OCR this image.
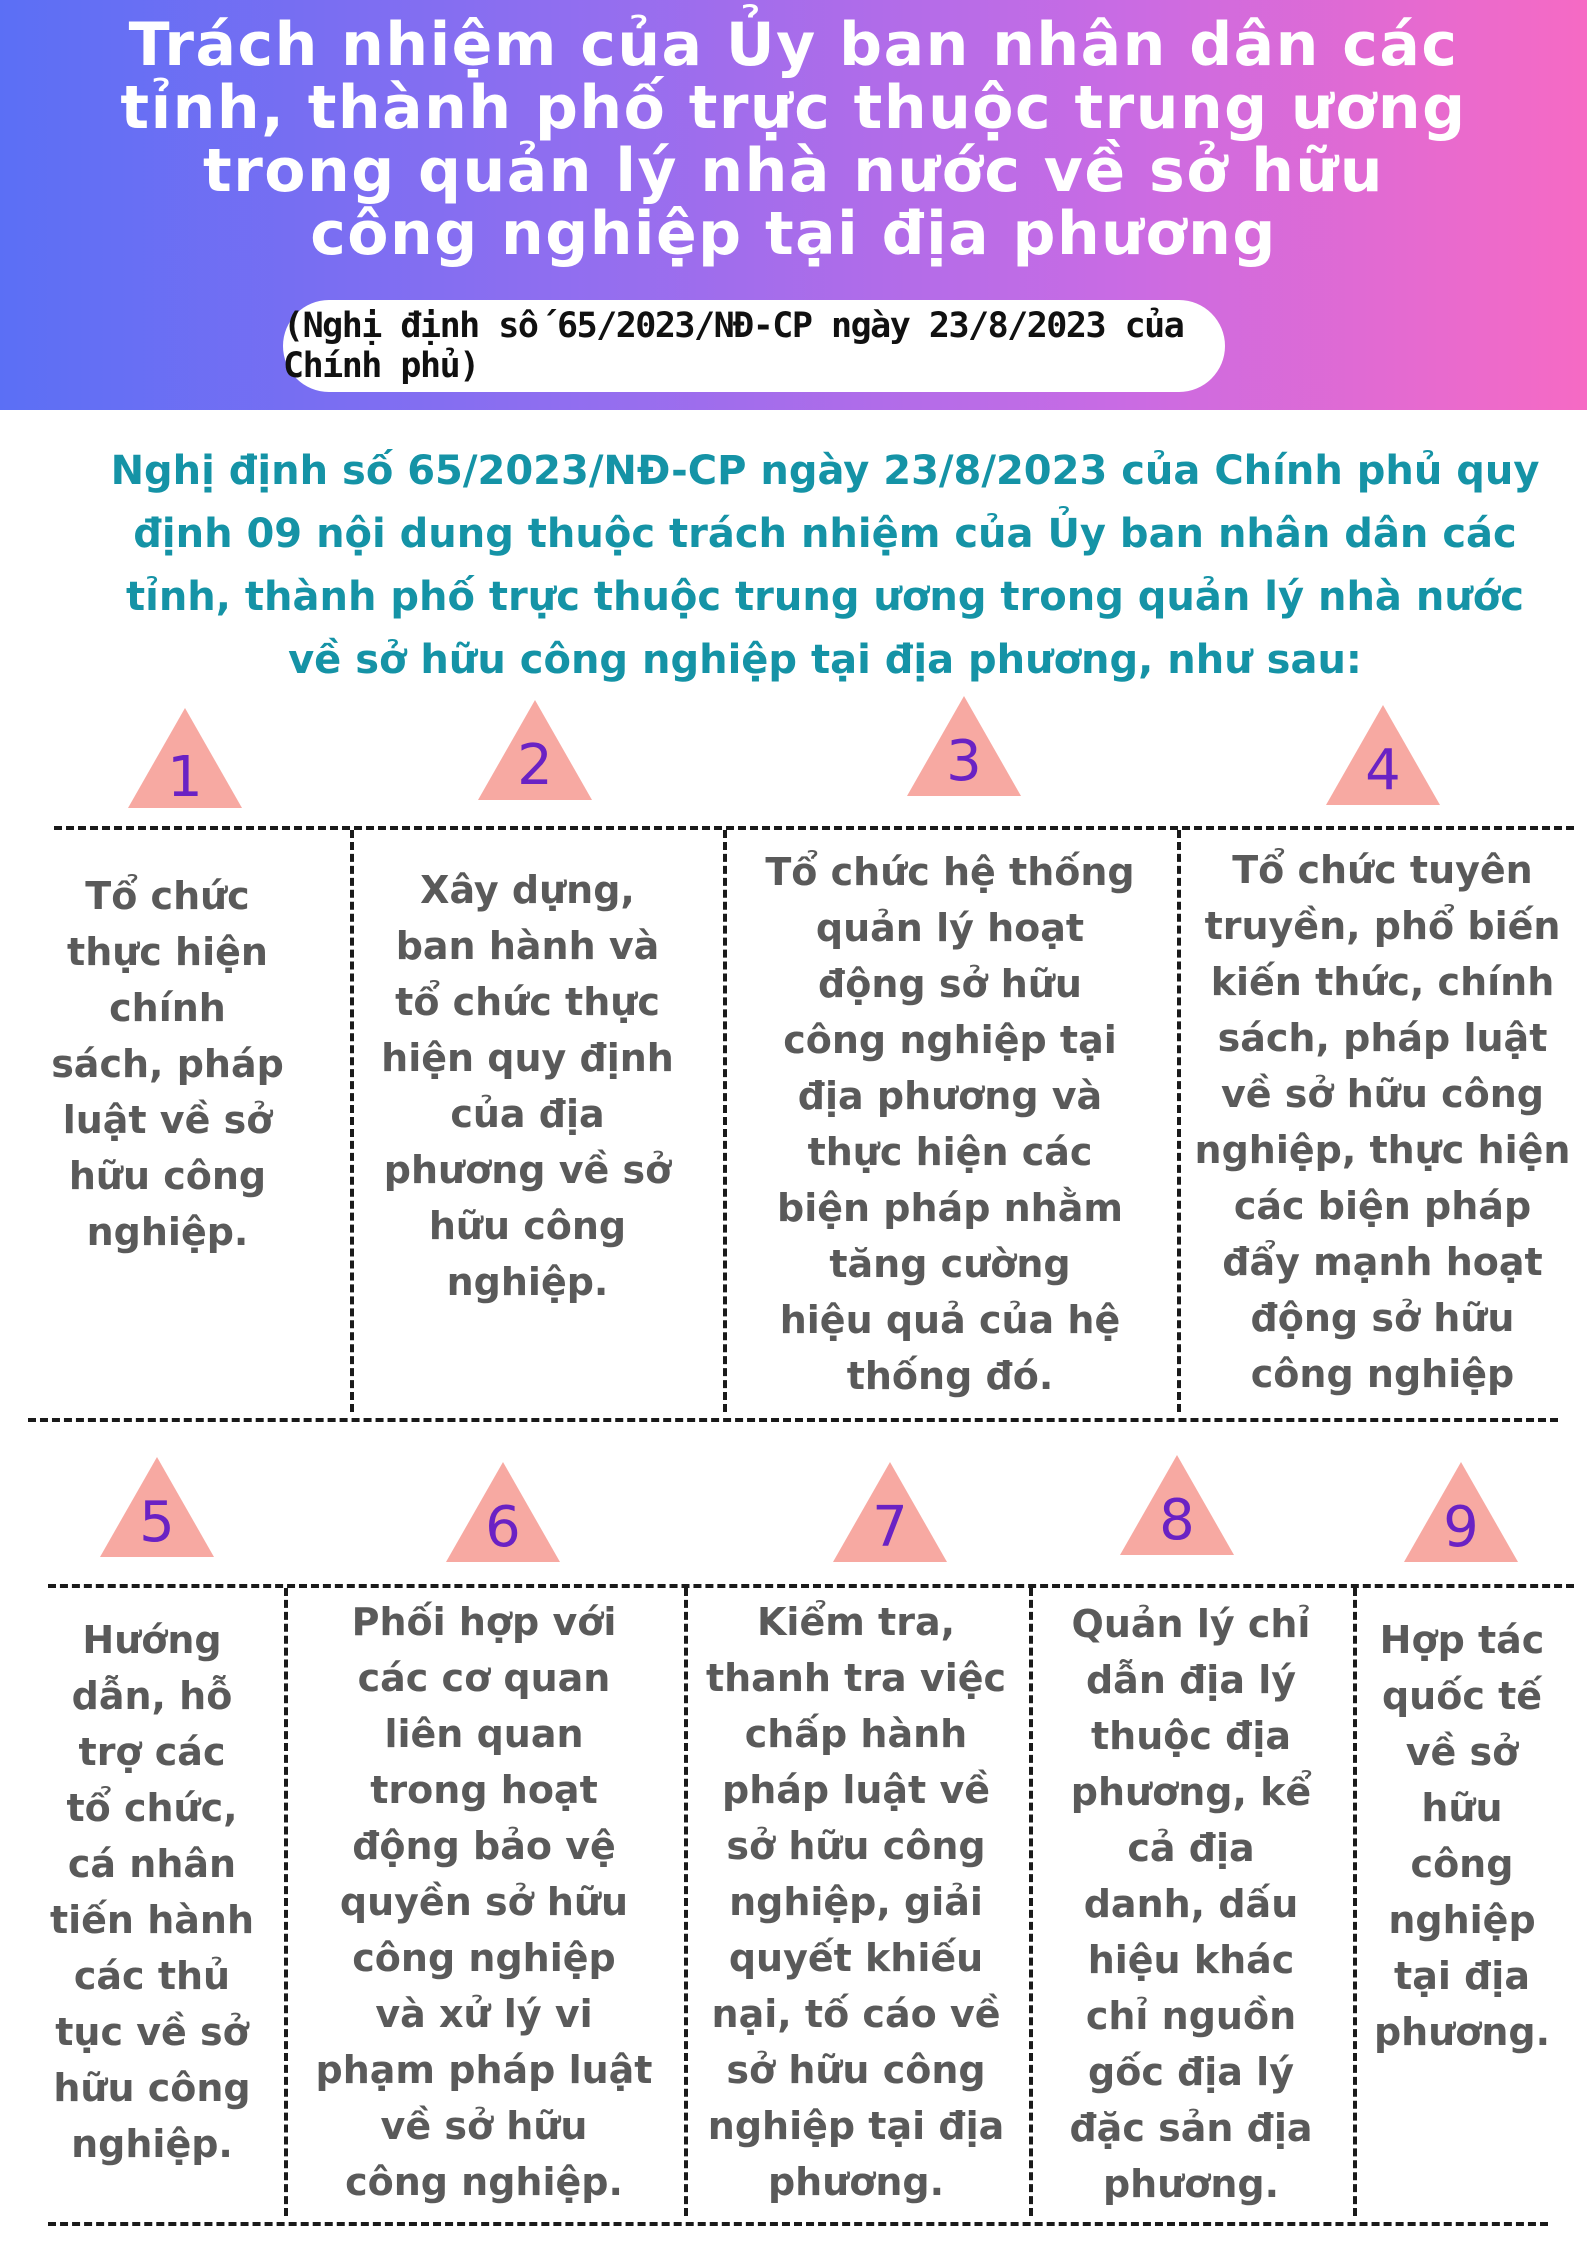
Trách nhiệm của Ủy ban nhân dân các
tỉnh, thành phố trực thuộc trung ương
trong quản lý nhà nước về sở hữu
công nghiệp tại địa phương
(Nghị định số 65/2023/NĐ-CP ngày 23/8/2023 của Chính phủ)
Nghị định số 65/2023/NĐ-CP ngày 23/8/2023 của Chính phủ quy
định 09 nội dung thuộc trách nhiệm của Ủy ban nhân dân các
tỉnh, thành phố trực thuộc trung ương trong quản lý nhà nước
về sở hữu công nghiệp tại địa phương, như sau:
1	2	3	4
Tổ chức
thực hiện
chính
sách, pháp
luật về sở
hữu công
nghiệp.
Xây dựng,
ban hành và
tổ chức thực
hiện quy định
của địa
phương về sở
hữu công
nghiệp.
Tổ chức hệ thống
quản lý hoạt
động sở hữu
công nghiệp tại
địa phương và
thực hiện các
biện pháp nhằm
tăng cường
hiệu quả của hệ
thống đó.
Tổ chức tuyên
truyền, phổ biến
kiến thức, chính
sách, pháp luật
về sở hữu công
nghiệp, thực hiện
các biện pháp
đẩy mạnh hoạt
động sở hữu
công nghiệp
5	6	7	8	9
Hướng
dẫn, hỗ
trợ các
tổ chức,
cá nhân
tiến hành
các thủ
tục về sở
hữu công
nghiệp.
Phối hợp với
các cơ quan
liên quan
trong hoạt
động bảo vệ
quyền sở hữu
công nghiệp
và xử lý vi
phạm pháp luật
về sở hữu
công nghiệp.
Kiểm tra,
thanh tra việc
chấp hành
pháp luật về
sở hữu công
nghiệp, giải
quyết khiếu
nại, tố cáo về
sở hữu công
nghiệp tại địa
phương.
Quản lý chỉ
dẫn địa lý
thuộc địa
phương, kể
cả địa
danh, dấu
hiệu khác
chỉ nguồn
gốc địa lý
đặc sản địa
phương.
Hợp tác
quốc tế
về sở
hữu
công
nghiệp
tại địa
phương.
